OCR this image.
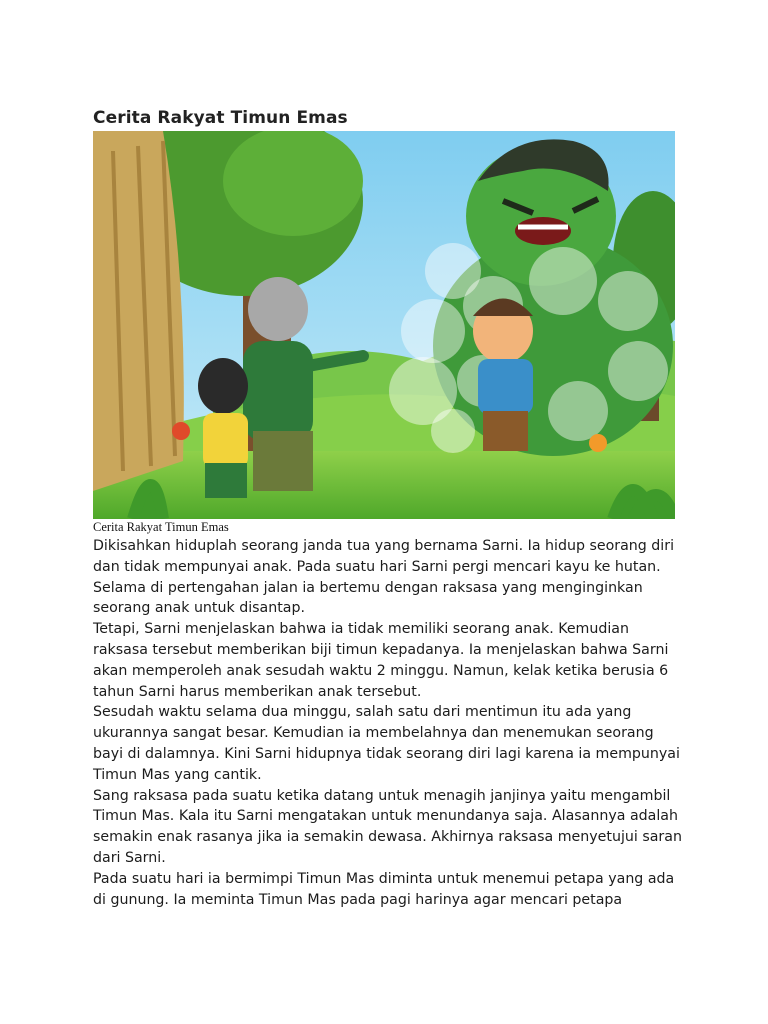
Cerita Rakyat Timun Emas
Cerita Rakyat Timun Emas

Dikisahkan hiduplah seorang janda tua yang bernama Sarni. Ia hidup seorang diri dan tidak mempunyai anak. Pada suatu hari Sarni pergi mencari kayu ke hutan. Selama di pertengahan jalan ia bertemu dengan raksasa yang menginginkan seorang anak untuk disantap.

Tetapi, Sarni menjelaskan bahwa ia tidak memiliki seorang anak. Kemudian raksasa tersebut memberikan biji timun kepadanya. Ia menjelaskan bahwa Sarni akan memperoleh anak sesudah waktu 2 minggu. Namun, kelak ketika berusia 6 tahun Sarni harus memberikan anak tersebut.

Sesudah waktu selama dua minggu, salah satu dari mentimun itu ada yang ukurannya sangat besar. Kemudian ia membelahnya dan menemukan seorang bayi di dalamnya. Kini Sarni hidupnya tidak seorang diri lagi karena ia mempunyai Timun Mas yang cantik.

Sang raksasa pada suatu ketika datang untuk menagih janjinya yaitu mengambil Timun Mas. Kala itu Sarni mengatakan untuk menundanya saja. Alasannya adalah semakin enak rasanya jika ia semakin dewasa. Akhirnya raksasa menyetujui saran dari Sarni.

Pada suatu hari ia bermimpi Timun Mas diminta untuk menemui petapa yang ada di gunung. Ia meminta Timun Mas pada pagi harinya agar mencari petapa
